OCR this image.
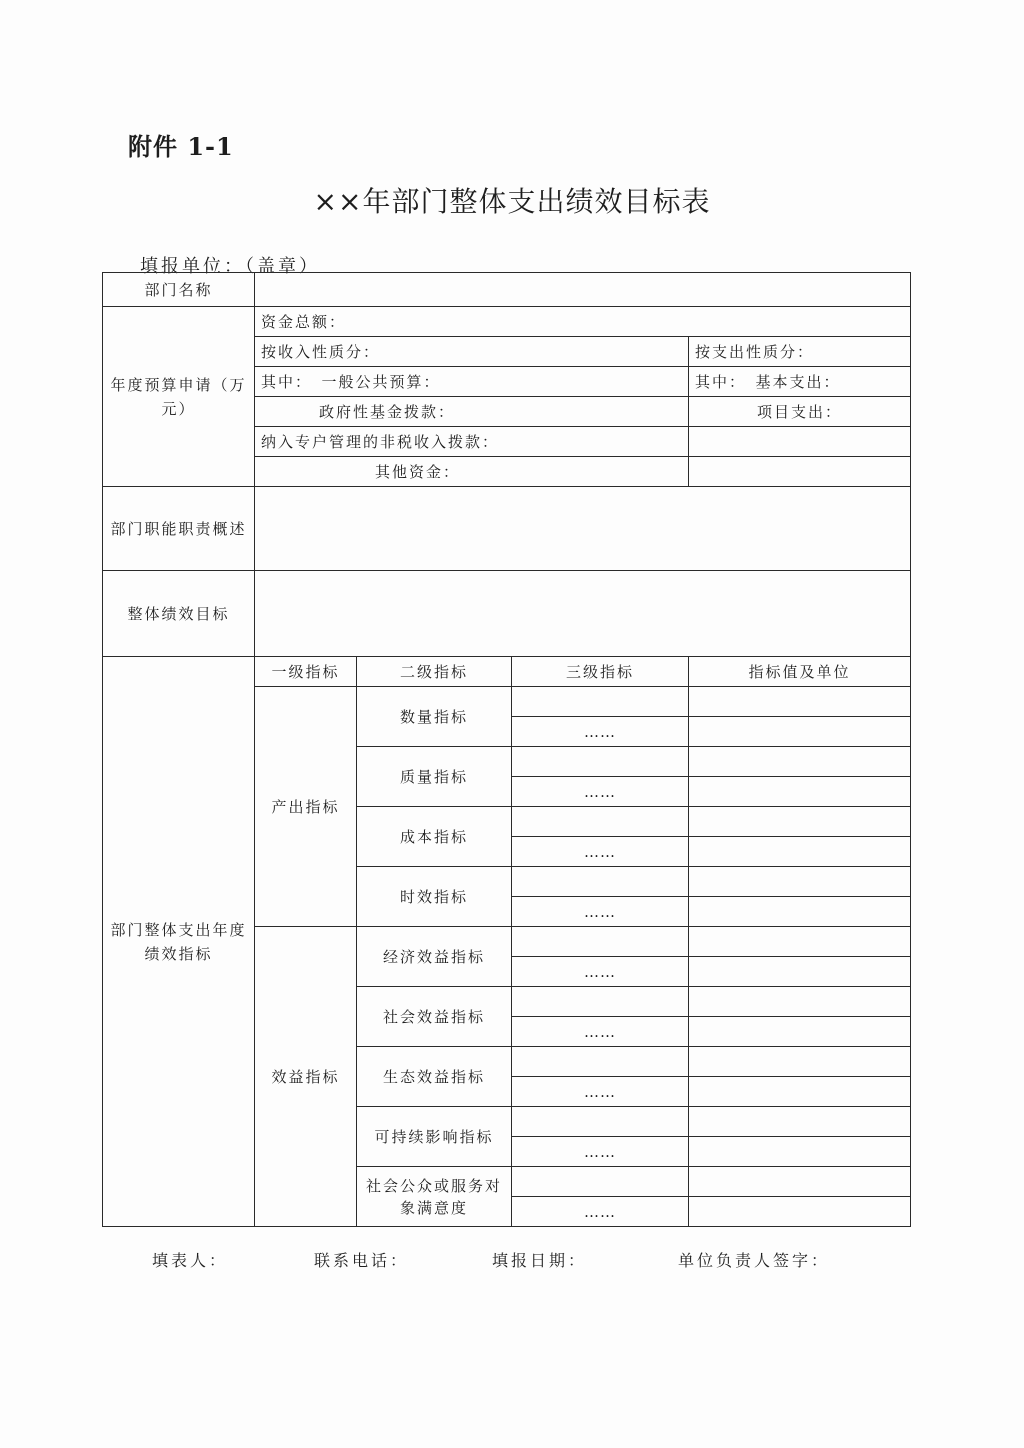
附件 1-1
××年部门整体支出绩效目标表
填报单位：（盖章）
部门名称				
年度预算申请（万元）	资金总额：			
	按收入性质分：			按支出性质分：
	其中：　一般公共预算：			其中：　基本支出：
	政府性基金拨款：			项目支出：
	纳入专户管理的非税收入拨款：			
	其他资金：			
部门职能职责概述				
整体绩效目标				
部门整体支出年度绩效指标	一级指标	二级指标	三级指标	指标值及单位
	产出指标	数量指标		
			……	
		质量指标		
			……	
		成本指标		
			……	
		时效指标		
			……	
	效益指标	经济效益指标		
			……	
		社会效益指标		
			……	
		生态效益指标		
			……	
		可持续影响指标		
			……	
		社会公众或服务对象满意度		
			……	
填表人：	联系电话：	填报日期：	单位负责人签字：
